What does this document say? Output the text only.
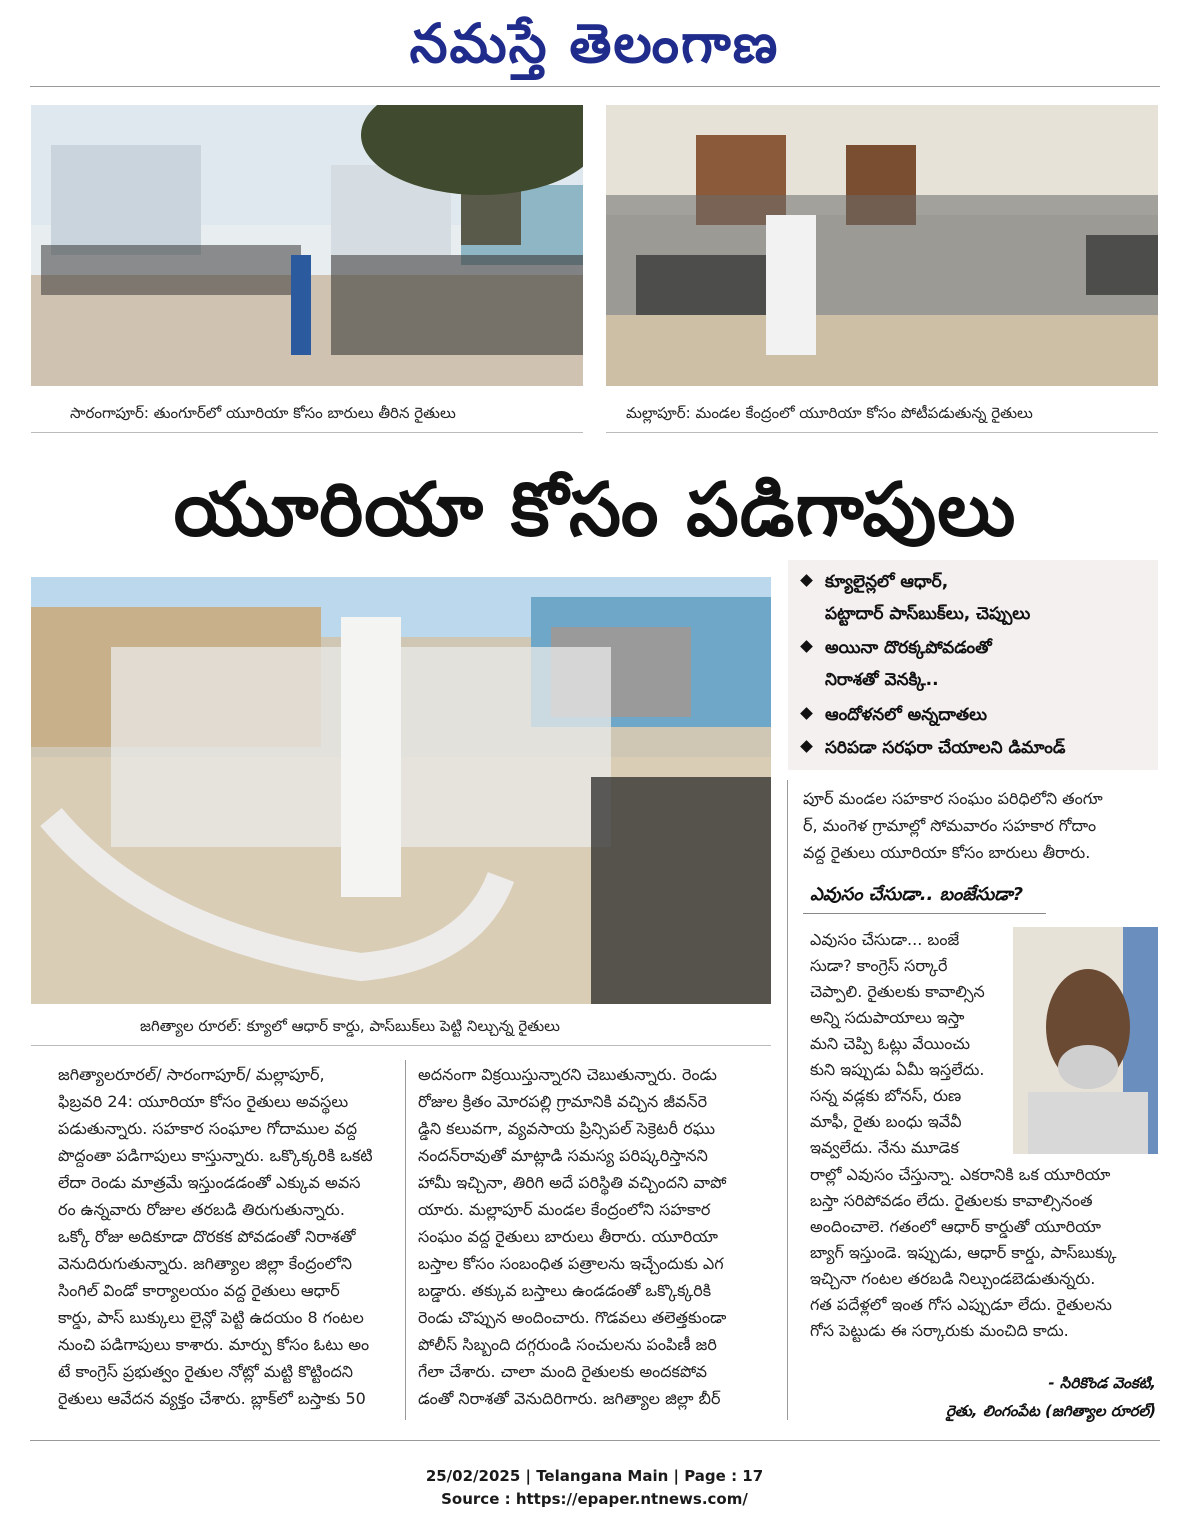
నమస్తే తెలంగాణ
సారంగాపూర్: తుంగూర్‌లో యూరియా కోసం బారులు తీరిన రైతులు	మల్లాపూర్: మండల కేంద్రంలో యూరియా కోసం పోటీపడుతున్న రైతులు
యూరియా కోసం పడిగాపులు
జగిత్యాల రూరల్: క్యూలో ఆధార్ కార్డు, పాస్‌బుక్‌లు పెట్టి నిల్చున్న రైతులు
క్యూలైన్లలో ఆధార్,
పట్టాదార్ పాస్‌బుక్‌లు, చెప్పులు
అయినా దొరక్కపోవడంతో
నిరాశతో వెనక్కి..
ఆందోళనలో అన్నదాతలు
సరిపడా సరఫరా చేయాలని డిమాండ్
పూర్ మండల సహకార సంఘం పరిధిలోని తంగూ
ర్, మంగెళ గ్రామాల్లో సోమవారం సహకార గోదాం
వద్ద రైతులు యూరియా కోసం బారులు తీరారు.
ఎవుసం చేసుడా.. బంజేసుడా?
ఎవుసం చేసుడా... బంజే
సుడా? కాంగ్రెస్ సర్కారే
చెప్పాలి. రైతులకు కావాల్సిన
అన్ని సదుపాయాలు ఇస్తా
మని చెప్పి ఓట్లు వేయించు
కుని ఇప్పుడు ఏమీ ఇస్తలేదు.
సన్న వడ్లకు బోనస్, రుణ
మాఫీ, రైతు బంధు ఇవేవీ
ఇవ్వలేదు. నేను మూడెక
రాల్లో ఎవుసం చేస్తున్నా. ఎకరానికి ఒక యూరియా
బస్తా సరిపోవడం లేదు. రైతులకు కావాల్సినంత
అందించాలె. గతంలో ఆధార్ కార్డుతో యూరియా
బ్యాగ్ ఇస్తుండె. ఇప్పుడు, ఆధార్ కార్డు, పాస్‌బుక్కు
ఇచ్చినా గంటల తరబడి నిల్చుండబెడుతున్నరు.
గత పదేళ్లలో ఇంత గోస ఎప్పుడూ లేదు. రైతులను
గోస పెట్టుడు ఈ సర్కారుకు మంచిది కాదు.
- సిరికొండ వెంకటి,
రైతు, లింగంపేట (జగిత్యాల రూరల్)
జగిత్యాలరూరల్/ సారంగాపూర్/ మల్లాపూర్,
ఫిబ్రవరి 24: యూరియా కోసం రైతులు అవస్థలు
పడుతున్నారు. సహకార సంఘాల గోదాముల వద్ద
పొద్దంతా పడిగాపులు కాస్తున్నారు. ఒక్కొక్కరికి ఒకటి
లేదా రెండు మాత్రమే ఇస్తుండడంతో ఎక్కువ అవస
రం ఉన్నవారు రోజుల తరబడి తిరుగుతున్నారు.
ఒక్కో రోజు అదికూడా దొరకక పోవడంతో నిరాశతో
వెనుదిరుగుతున్నారు. జగిత్యాల జిల్లా కేంద్రంలోని
సింగిల్ విండో కార్యాలయం వద్ద రైతులు ఆధార్
కార్డు, పాస్ బుక్కులు లైన్లో పెట్టి ఉదయం 8 గంటల
నుంచి పడిగాపులు కాశారు. మార్పు కోసం ఓటు అం
టే కాంగ్రెస్ ప్రభుత్వం రైతుల నోట్లో మట్టి కొట్టిందని
రైతులు ఆవేదన వ్యక్తం చేశారు. బ్లాక్‌లో బస్తాకు 50
అదనంగా విక్రయిస్తున్నారని చెబుతున్నారు. రెండు
రోజుల క్రితం మోరపల్లి గ్రామానికి వచ్చిన జీవన్‌రె
డ్డిని కలువగా, వ్యవసాయ ప్రిన్సిపల్ సెక్రెటరీ రఘు
నందన్‌రావుతో మాట్లాడి సమస్య పరిష్కరిస్తానని
హామీ ఇచ్చినా, తిరిగి అదే పరిస్థితి వచ్చిందని వాపో
యారు. మల్లాపూర్ మండల కేంద్రంలోని సహకార
సంఘం వద్ద రైతులు బారులు తీరారు. యూరియా
బస్తాల కోసం సంబంధిత పత్రాలను ఇచ్చేందుకు ఎగ
బడ్డారు. తక్కువ బస్తాలు ఉండడంతో ఒక్కొక్కరికి
రెండు చొప్పున అందించారు. గొడవలు తలెత్తకుండా
పోలీస్ సిబ్బంది దగ్గరుండి సంచులను పంపిణీ జరి
గేలా చేశారు. చాలా మంది రైతులకు అందకపోవ
డంతో నిరాశతో వెనుదిరిగారు. జగిత్యాల జిల్లా బీర్
25/02/2025 | Telangana Main | Page : 17
Source : https://epaper.ntnews.com/
